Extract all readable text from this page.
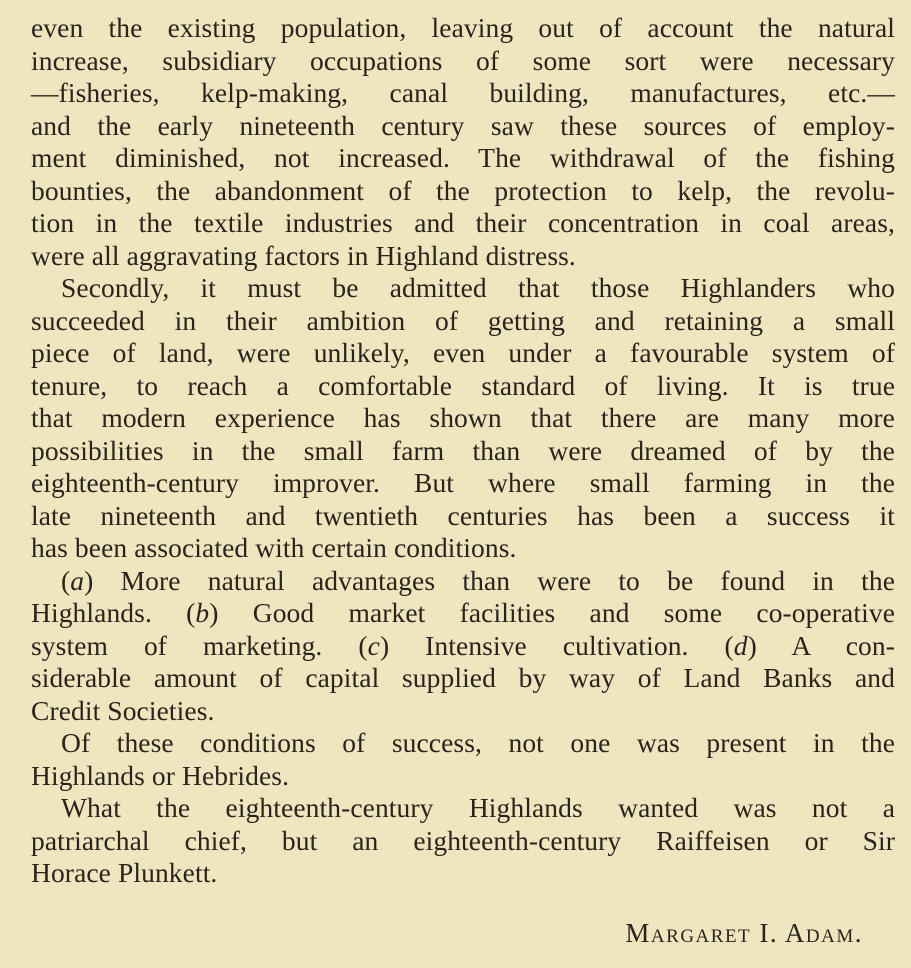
even the existing population, leaving out of account the natural
increase, subsidiary occupations of some sort were necessary
—fisheries, kelp-making, canal building, manufactures, etc.—
and the early nineteenth century saw these sources of employ-
ment diminished, not increased. The withdrawal of the fishing
bounties, the abandonment of the protection to kelp, the revolu-
tion in the textile industries and their concentration in coal areas,
were all aggravating factors in Highland distress.
Secondly, it must be admitted that those Highlanders who
succeeded in their ambition of getting and retaining a small
piece of land, were unlikely, even under a favourable system of
tenure, to reach a comfortable standard of living. It is true
that modern experience has shown that there are many more
possibilities in the small farm than were dreamed of by the
eighteenth-century improver. But where small farming in the
late nineteenth and twentieth centuries has been a success it
has been associated with certain conditions.
(a) More natural advantages than were to be found in the
Highlands. (b) Good market facilities and some co-operative
system of marketing. (c) Intensive cultivation. (d) A con-
siderable amount of capital supplied by way of Land Banks and
Credit Societies.
Of these conditions of success, not one was present in the
Highlands or Hebrides.
What the eighteenth-century Highlands wanted was not a
patriarchal chief, but an eighteenth-century Raiffeisen or Sir
Horace Plunkett.
Margaret I. Adam.
